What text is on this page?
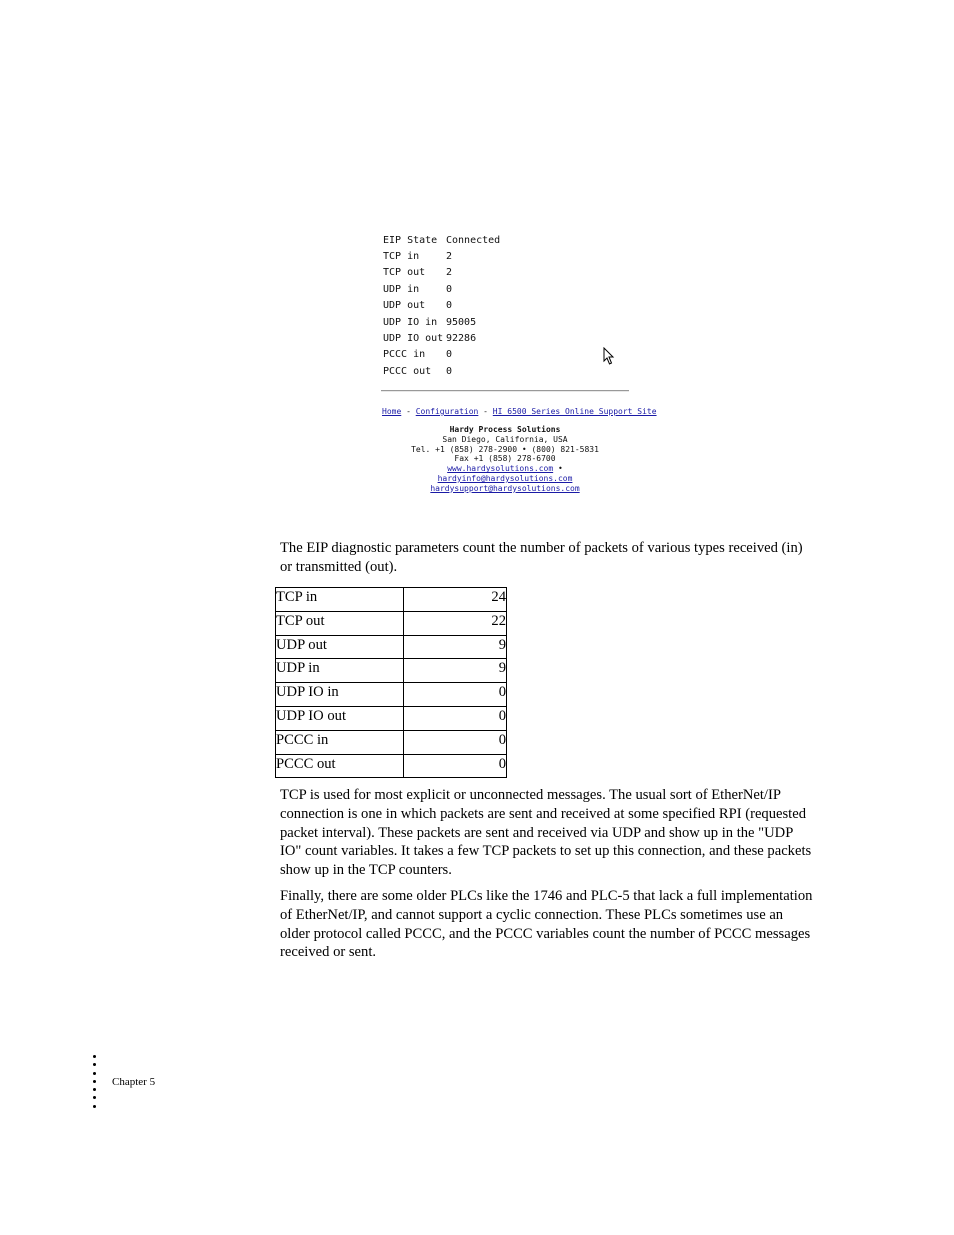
EIP State Connected
TCP in	2
TCP out 2
UDP in	0
UDP out 0
UDP IO in 95005
UDP IO out 92286
PCCC in 0
PCCC out 0
Home - Configuration - HI 6500 Series Online Support Site
Hardy Process Solutions
San Diego, California, USA
Tel. +1 (858) 278-2900 • (800) 821-5831
Fax +1 (858) 278-6700
www.hardysolutions.com • hardyinfo@hardysolutions.com
hardysupport@hardysolutions.com
The EIP diagnostic parameters count the number of packets of various types received (in) or transmitted (out).
TCP in	24
TCP out	22
UDP out	9
UDP in	9
UDP IO in	0
UDP IO out	0
PCCC in	0
PCCC out	0
TCP is used for most explicit or unconnected messages. The usual sort of EtherNet/IP connection is one in which packets are sent and received at some specified RPI (requested packet interval). These packets are sent and received via UDP and show up in the "UDP IO" count variables. It takes a few TCP packets to set up this connection, and these packets show up in the TCP counters.
Finally, there are some older PLCs like the 1746 and PLC-5 that lack a full implementation of EtherNet/IP, and cannot support a cyclic connection. These PLCs sometimes use an older protocol called PCCC, and the PCCC variables count the number of PCCC messages received or sent.
Chapter 5
